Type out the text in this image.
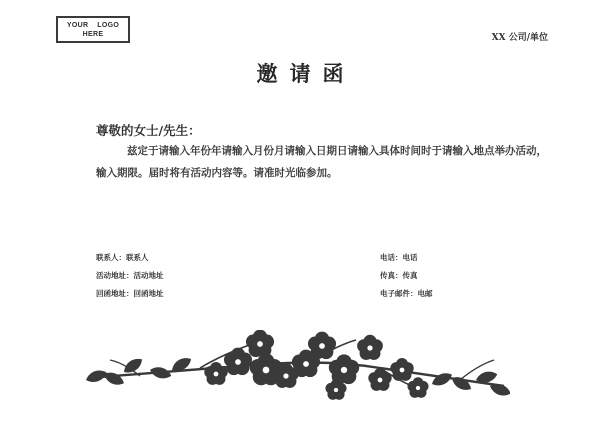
YOUR    LOGO
HERE	XX 公司/单位
邀请函
尊敬的女士/先生：
兹定于请输入年份年请输入月份月请输入日期日请输入具体时间时于请输入地点举办活动，输入期限。届时将有活动内容等。请准时光临参加。
联系人：联系人
活动地址：活动地址
回函地址：回函地址
电话：电话
传真：传真
电子邮件：电邮
